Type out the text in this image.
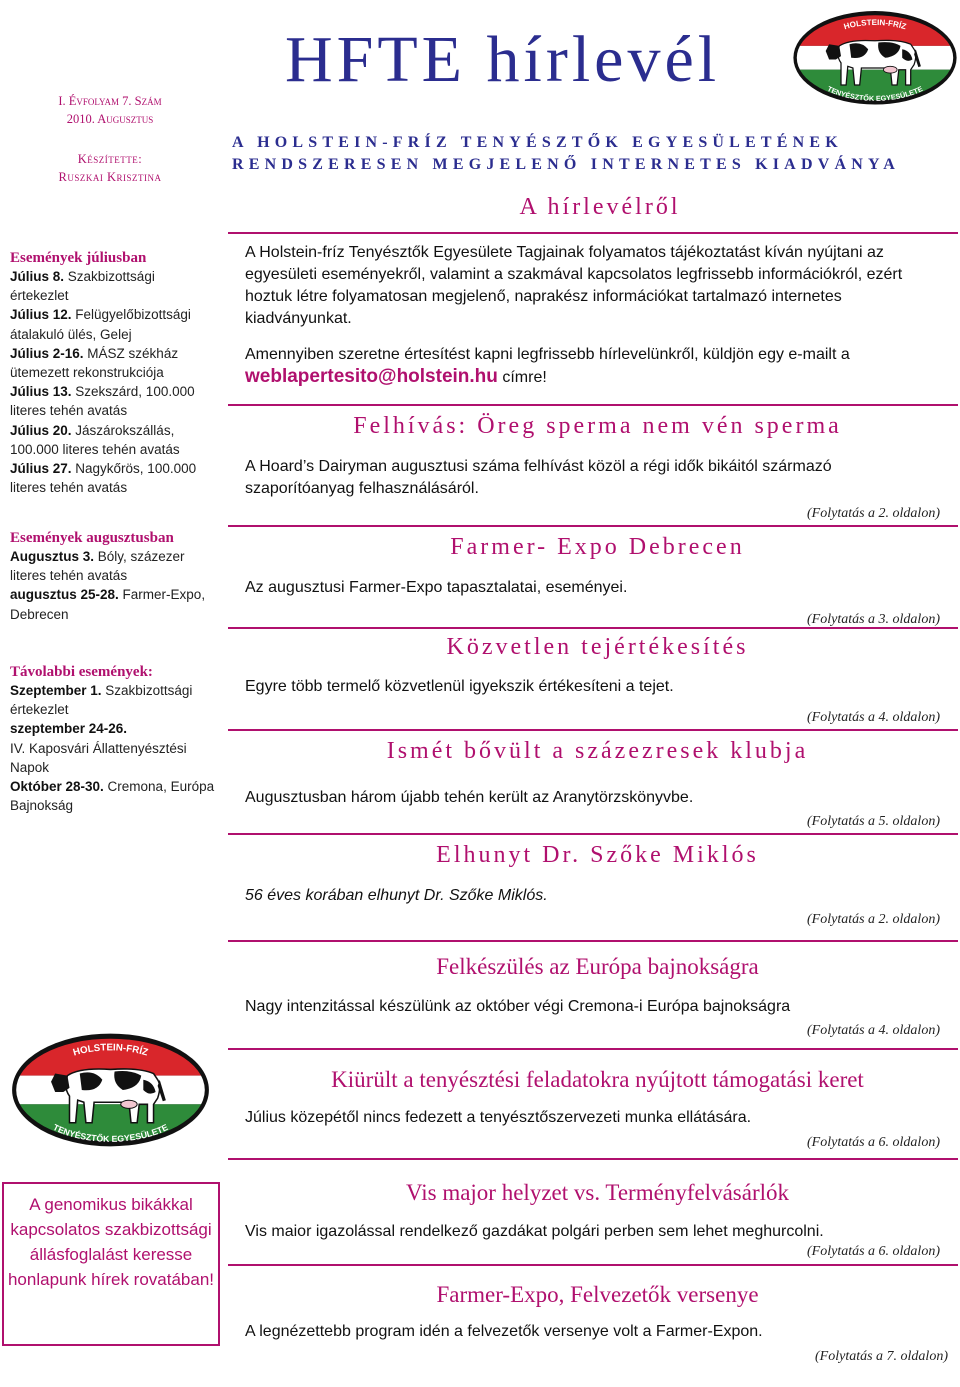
I. Évfolyam 7. Szám
2010. Augusztus
Készítette:
Ruszkai Krisztina

Események júliusban

Július 8. Szakbizottsági értekezlet
Július 12. Felügyelőbizottsági átalakuló ülés, Gelej
Július 2-16. MÁSZ székház ütemezett rekonstrukciója
Július 13. Szekszárd, 100.000 literes tehén avatás
Július 20. Jászárokszállás, 100.000 literes tehén avatás
Július 27. Nagykőrös, 100.000 literes tehén avatás

Események augusztusban

Augusztus 3. Bóly, százezer literes tehén avatás
augusztus 25-28. Farmer-Expo, Debrecen

Távolabbi események:

Szeptember 1. Szakbizottsági értekezlet
szeptember 24-26.
IV. Kaposvári Állattenyésztési Napok
Október 28-30. Cremona, Európa Bajnokság
HOLSTEIN-FRÍZ
TENYÉSZTŐK EGYESÜLETE
A genomikus bikákkal kapcsolatos szakbizottsági állásfoglalást keresse honlapunk hírek rovatában!
HFTE hírlevél	HOLSTEIN-FRÍZ
TENYÉSZTŐK EGYESÜLETE
A HOLSTEIN-FRÍZ TENYÉSZTŐK EGYESÜLETÉNEK
RENDSZERESEN MEGJELENŐ INTERNETES KIADVÁNYA
A hírlevélről
A Holstein-fríz Tenyésztők Egyesülete Tagjainak folyamatos tájékoztatást kíván nyújtani az egyesületi eseményekről, valamint a szakmával kapcsolatos legfrissebb információkról, ezért hoztuk létre folyamatosan megjelenő, naprakész információkat tartalmazó internetes kiadványunkat.
Amennyiben szeretne értesítést kapni legfrissebb hírlevelünkről, küldjön egy e-mailt a
weblapertesito@holstein.hu címre!
Felhívás: Öreg sperma nem vén sperma
A Hoard’s Dairyman augusztusi száma felhívást közöl a régi idők bikáitól származó szaporítóanyag felhasználásáról.
(Folytatás a 2. oldalon)
Farmer- Expo Debrecen
Az augusztusi Farmer-Expo tapasztalatai, eseményei.
(Folytatás a 3. oldalon)
Közvetlen tejértékesítés
Egyre több termelő közvetlenül igyekszik értékesíteni a tejet.
(Folytatás a 4. oldalon)
Ismét bővült a százezresek klubja
Augusztusban három újabb tehén került az Aranytörzskönyvbe.
(Folytatás a 5. oldalon)
Elhunyt Dr. Szőke Miklós
56 éves korában elhunyt Dr. Szőke Miklós.
(Folytatás a 2. oldalon)
Felkészülés az Európa bajnokságra
Nagy intenzitással készülünk az október végi Cremona-i Európa bajnokságra
(Folytatás a 4. oldalon)
Kiürült a tenyésztési feladatokra nyújtott támogatási keret
Július közepétől nincs fedezett a tenyésztőszervezeti munka ellátására.
(Folytatás a 6. oldalon)
Vis major helyzet vs. Terményfelvásárlók
Vis maior igazolással rendelkező gazdákat polgári perben sem lehet meghurcolni.
(Folytatás a 6. oldalon)
Farmer-Expo, Felvezetők versenye
A legnézettebb program idén a felvezetők versenye volt a Farmer-Expon.
(Folytatás a 7. oldalon)
